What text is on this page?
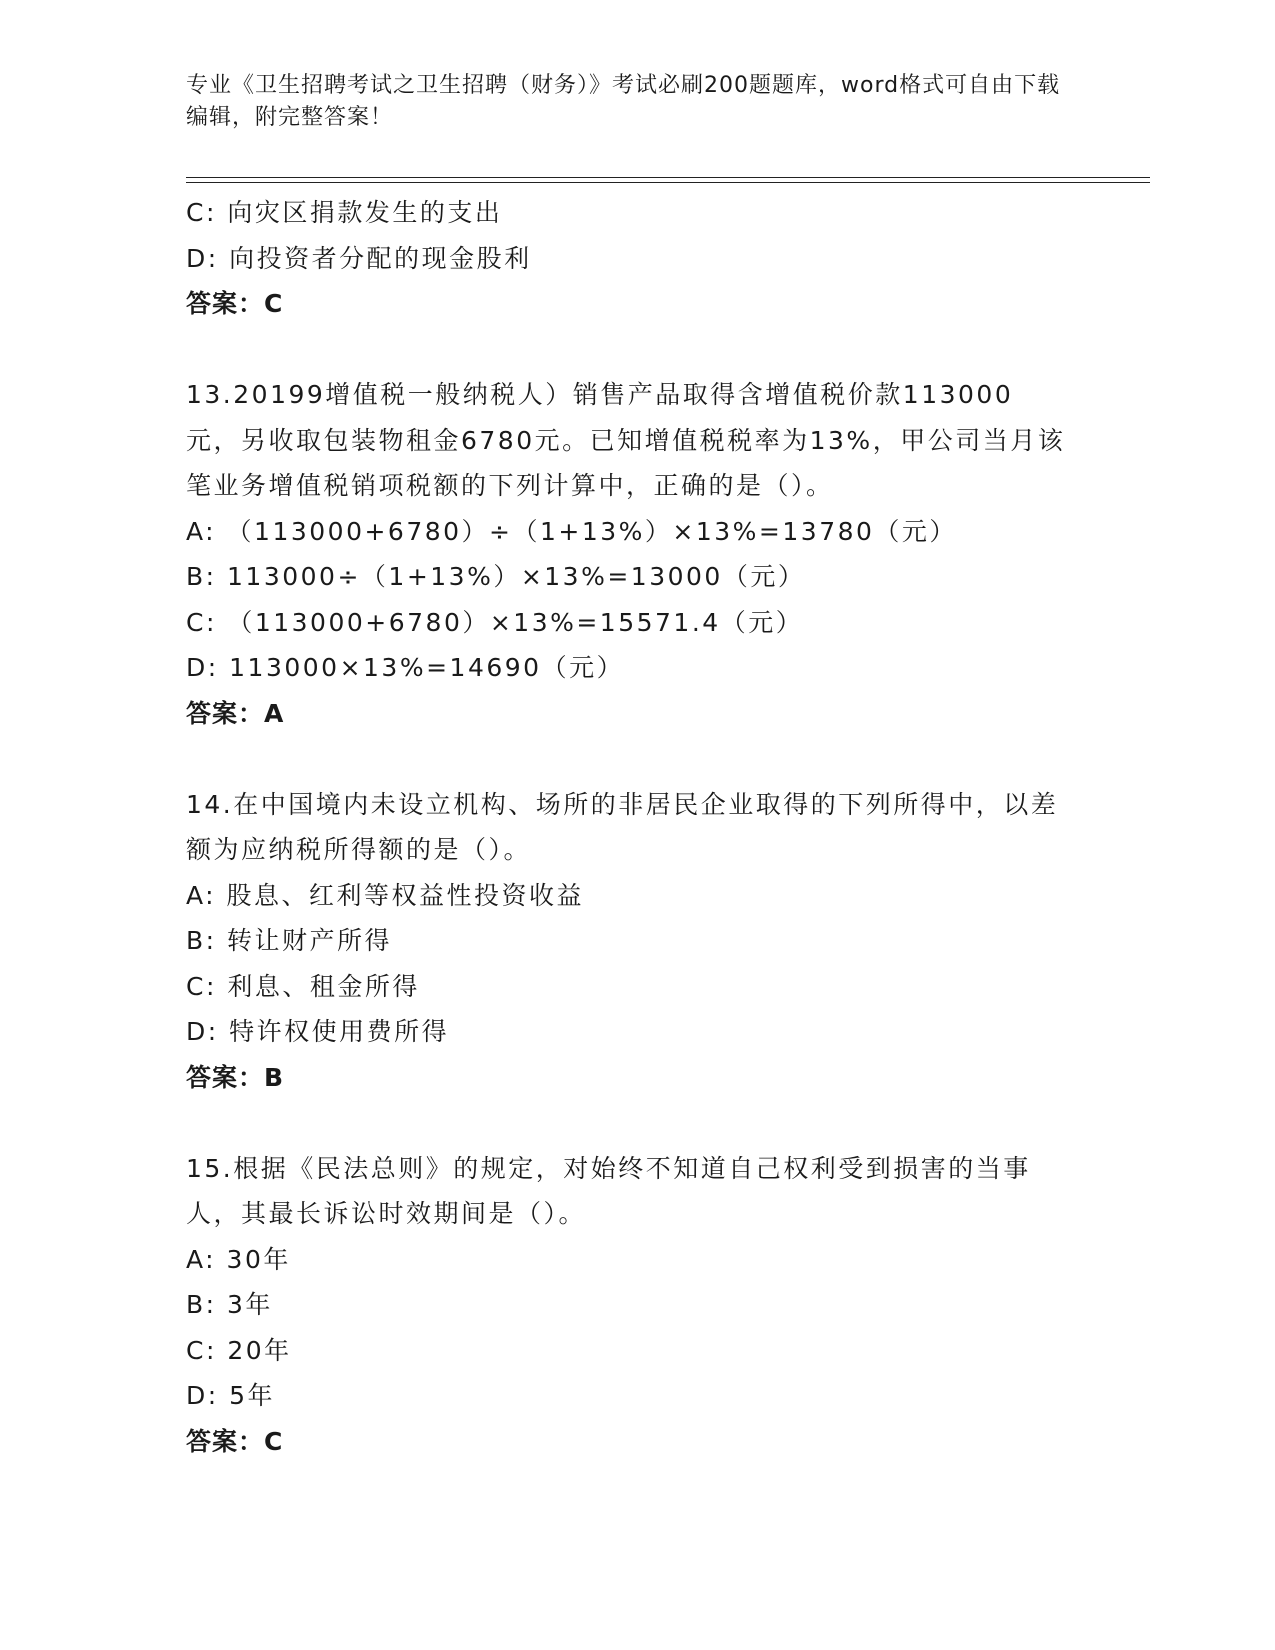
专业《卫生招聘考试之卫生招聘（财务）》考试必刷200题题库，word格式可自由下载编辑，附完整答案！
C: 向灾区捐款发生的支出
D: 向投资者分配的现金股利
答案：C
13.20199增值税一般纳税人）销售产品取得含增值税价款113000元，另收取包装物租金6780元。已知增值税税率为13%，甲公司当月该笔业务增值税销项税额的下列计算中，正确的是（）。
A: （113000+6780）÷（1+13%）×13%=13780（元）
B: 113000÷（1+13%）×13%=13000（元）
C: （113000+6780）×13%=15571.4（元）
D: 113000×13%=14690（元）
答案：A
14.在中国境内未设立机构、场所的非居民企业取得的下列所得中，以差额为应纳税所得额的是（）。
A: 股息、红利等权益性投资收益
B: 转让财产所得
C: 利息、租金所得
D: 特许权使用费所得
答案：B
15.根据《民法总则》的规定，对始终不知道自己权利受到损害的当事人，其最长诉讼时效期间是（）。
A: 30年
B: 3年
C: 20年
D: 5年
答案：C
